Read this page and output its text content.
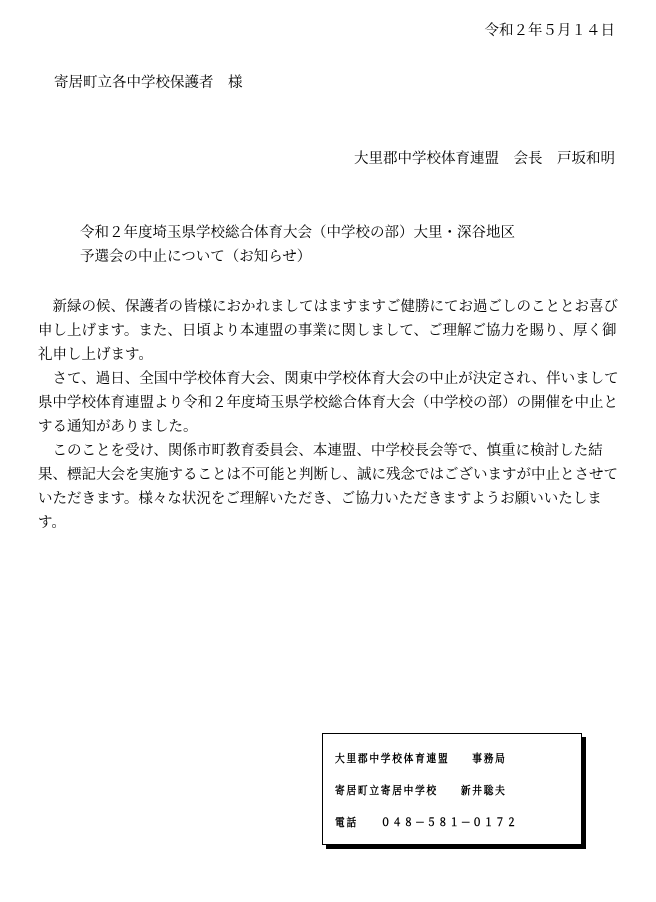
令和２年５月１４日
寄居町立各中学校保護者　様
大里郡中学校体育連盟　会長　戸坂和明
令和２年度埼玉県学校総合体育大会（中学校の部）大里・深谷地区
予選会の中止について（お知らせ）

　新緑の候、保護者の皆様におかれましてはますますご健勝にてお過ごしのこととお喜び申し上げます。また、日頃より本連盟の事業に関しまして、ご理解ご協力を賜り、厚く御礼申し上げます。

　さて、過日、全国中学校体育大会、関東中学校体育大会の中止が決定され、伴いまして県中学校体育連盟より令和２年度埼玉県学校総合体育大会（中学校の部）の開催を中止とする通知がありました。

　このことを受け、関係市町教育委員会、本連盟、中学校長会等で、慎重に検討した結果、標記大会を実施することは不可能と判断し、誠に残念ではございますが中止とさせていただきます。様々な状況をご理解いただき、ご協力いただきますようお願いいたします。

大里郡中学校体育連盟　　事務局
寄居町立寄居中学校　　新井聡夫
電話　　０４８－５８１－０１７２
